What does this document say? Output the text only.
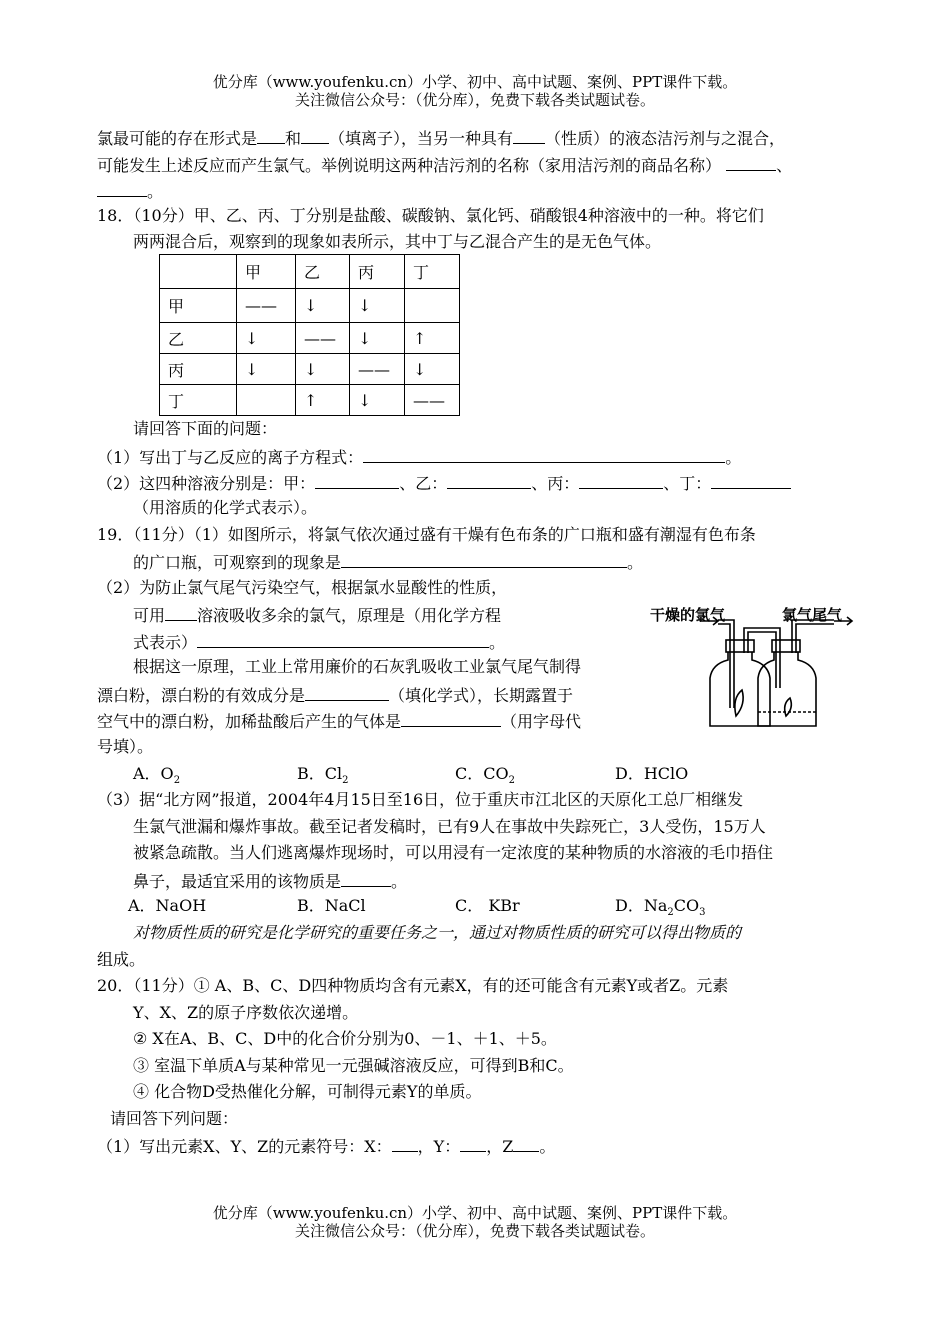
优分库（www.youfenku.cn）小学、初中、高中试题、案例、PPT课件下载。
关注微信公众号：（优分库），免费下载各类试题试卷。
氯最可能的存在形式是 和 （填离子），当另一种具有 （性质）的液态洁污剂与之混合，
可能发生上述反应而产生氯气。举例说明这两种洁污剂的名称（家用洁污剂的商品名称）	、
。
18．（10分）甲、乙、丙、丁分别是盐酸、碳酸钠、氯化钙、硝酸银4种溶液中的一种。将它们
两两混合后，观察到的现象如表所示，其中丁与乙混合产生的是无色气体。
	甲	乙	丙	丁
甲	——	↓	↓	
乙	↓	——	↓	↑
丙	↓	↓	——	↓
丁		↑	↓	——
请回答下面的问题：
（1）写出丁与乙反应的离子方程式：	。
（2）这四种溶液分别是：甲：	、乙：	、丙：	、丁：
（用溶质的化学式表示）。
19．（11分）（1）如图所示，将氯气依次通过盛有干燥有色布条的广口瓶和盛有潮湿有色布条
的广口瓶，可观察到的现象是	。
（2）为防止氯气尾气污染空气，根据氯水显酸性的性质，
可用 溶液吸收多余的氯气，原理是（用化学方程
式表示）	。
根据这一原理，工业上常用廉价的石灰乳吸收工业氯气尾气制得
漂白粉，漂白粉的有效成分是	（填化学式），长期露置于
空气中的漂白粉，加稀盐酸后产生的气体是	（用字母代
号填）。
A．$O_2$	B．$Cl_2$	C．$CO_2$	D．HClO
（3）据“北方网”报道，2004年4月15日至16日，位于重庆市江北区的天原化工总厂相继发
生氯气泄漏和爆炸事故。截至记者发稿时，已有9人在事故中失踪死亡，3人受伤，15万人
被紧急疏散。当人们逃离爆炸现场时，可以用浸有一定浓度的某种物质的水溶液的毛巾捂住
鼻子，最适宜采用的该物质是	。
A．NaOH	B．NaCl	C． KBr	D．$Na_2CO_3$
干燥的氯气	氯气尾气
对物质性质的研究是化学研究的重要任务之一，通过对物质性质的研究可以得出物质的
组成。
20．（11分）① A、B、C、D四种物质均含有元素X，有的还可能含有元素Y或者Z。元素
Y、X、Z的原子序数依次递增。
② X在A、B、C、D中的化合价分别为0、－1、＋1、＋5。
③ 室温下单质A与某种常见一元强碱溶液反应，可得到B和C。
④ 化合物D受热催化分解，可制得元素Y的单质。
请回答下列问题：
（1）写出元素X、Y、Z的元素符号：X： ，Y： ，Z 。
优分库（www.youfenku.cn）小学、初中、高中试题、案例、PPT课件下载。
关注微信公众号：（优分库），免费下载各类试题试卷。
